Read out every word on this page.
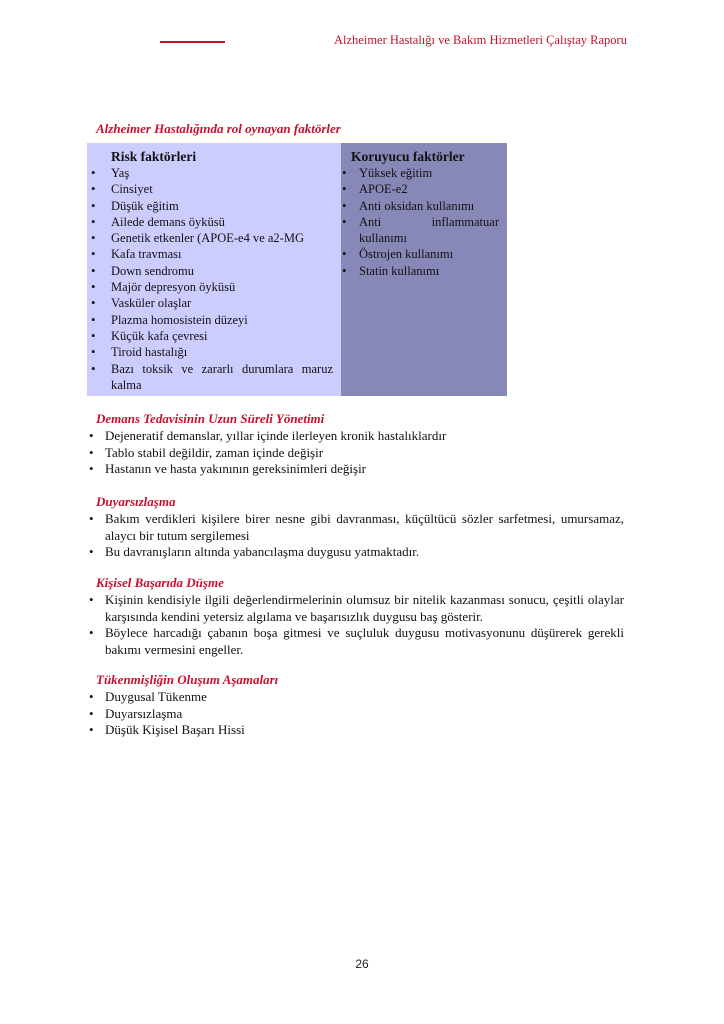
Alzheimer Hastalığı ve Bakım Hizmetleri Çalıştay Raporu
Alzheimer Hastalığında rol oynayan faktörler
Risk faktörleri
• Yaş
• Cinsiyet
• Düşük eğitim
• Ailede demans öyküsü
• Genetik etkenler (APOE-e4 ve a2-MG
• Kafa travması
• Down sendromu
• Majör depresyon öyküsü
• Vasküler olaşlar
• Plazma homosistein düzeyi
• Küçük kafa çevresi
• Tiroid hastalığı
• Bazı toksik ve zararlı durumlara maruz kalma
Koruyucu faktörler
• Yüksek eğitim
• APOE-e2
• Anti oksidan kullanımı
• Anti inflammatuar kullanımı
• Östrojen kullanımı
• Statin kullanımı
Demans Tedavisinin Uzun Süreli Yönetimi
• Dejeneratif demanslar, yıllar içinde ilerleyen kronik hastalıklardır
• Tablo stabil değildir, zaman içinde değişir
• Hastanın ve hasta yakınının gereksinimleri değişir
Duyarsızlaşma
• Bakım verdikleri kişilere birer nesne gibi davranması, küçültücü sözler sarfetmesi, umursamaz, alaycı bir tutum sergilemesi
• Bu davranışların altında yabancılaşma duygusu yatmaktadır.
Kişisel Başarıda Düşme
• Kişinin kendisiyle ilgili değerlendirmelerinin olumsuz bir nitelik kazanması sonucu, çeşitli olaylar karşısında kendini yetersiz algılama ve başarısızlık duygusu baş gösterir.
• Böylece harcadığı çabanın boşa gitmesi ve suçluluk duygusu motivasyonunu düşürerek gerekli bakımı vermesini engeller.
Tükenmişliğin Oluşum Aşamaları
• Duygusal Tükenme
• Duyarsızlaşma
• Düşük Kişisel Başarı Hissi
26
